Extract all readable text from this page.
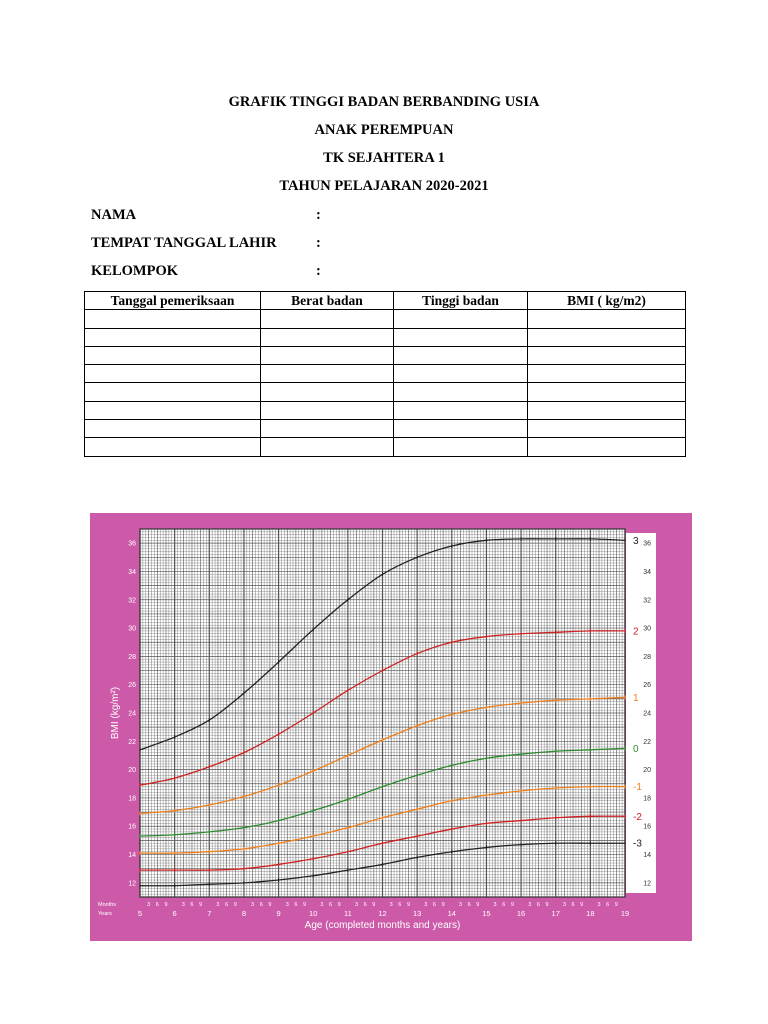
GRAFIK TINGGI BADAN BERBANDING USIA
ANAK PEREMPUAN
TK SEJAHTERA 1
TAHUN PELAJARAN 2020-2021
NAMA	:
TEMPAT TANGGAL LAHIR	:
KELOMPOK	:
Tanggal pemeriksaan	Berat badan	Tinggi badan	BMI ( kg/m2)

12	12
14	14
16	16
18	18
20	20
22	22
24	24
26	26
28	28
30	30
32	32
34	34
36	36
BMI (kg/m²)
Months
Years
3 6 9	3 6 9	3 6 9	3 6 9	3 6 9	3 6 9	3 6 9	3 6 9	3 6 9	3 6 9	3 6 9	3 6 9	3 6 9	3 6 9
5	6	7	8	9	10	11	12	13	14	15	16	17	18	19
Age (completed months and years)
3
2
1
0
-1
-2
-3
